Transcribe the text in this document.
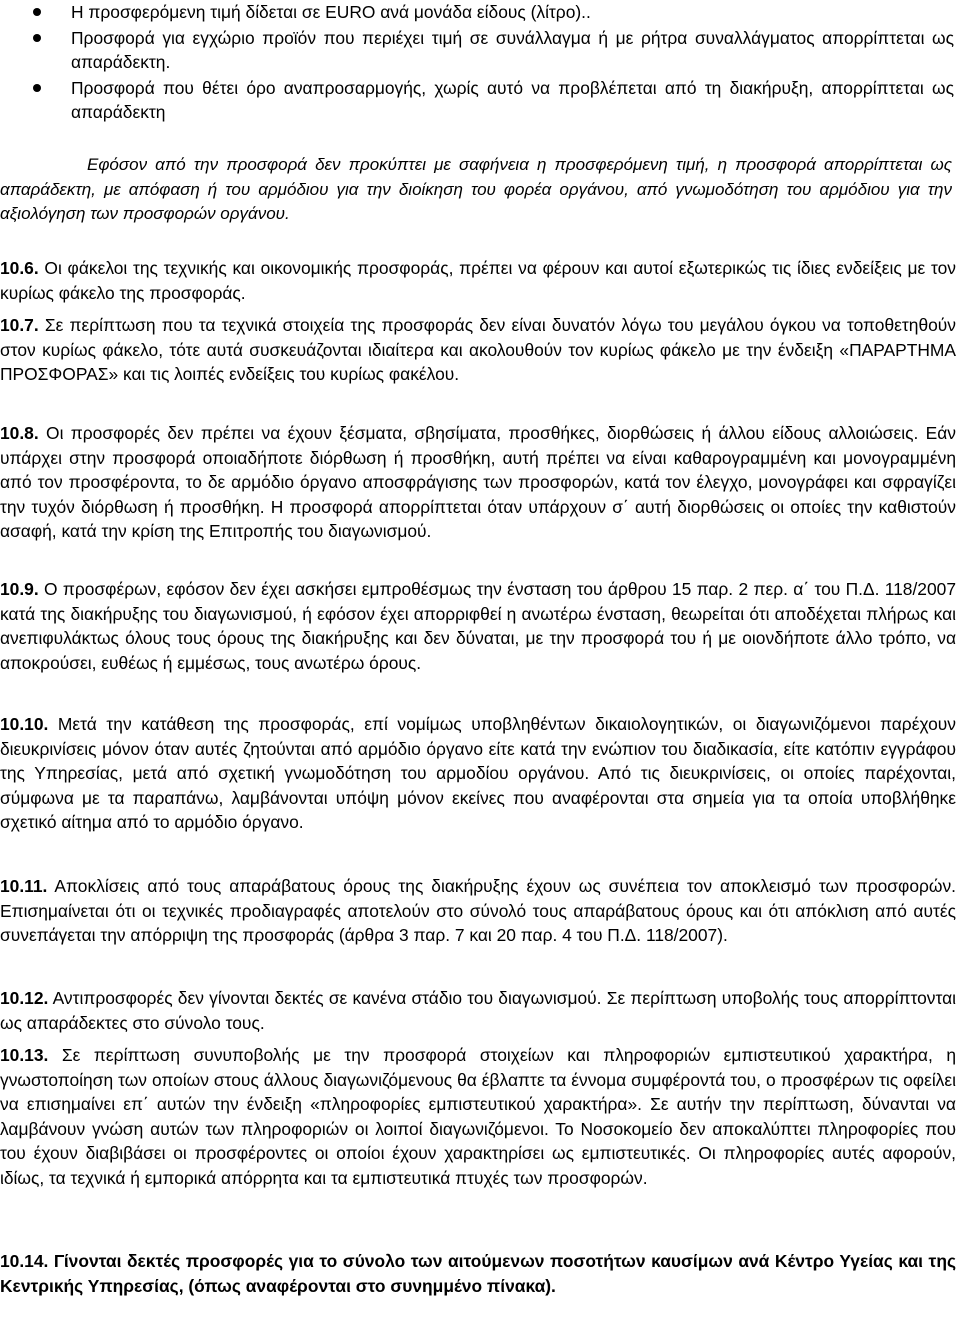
Η προσφερόμενη τιμή δίδεται σε EURO ανά μονάδα είδους (λίτρο)..
Προσφορά για εγχώριο προϊόν που περιέχει τιμή σε συνάλλαγμα ή με ρήτρα συναλλάγματος απορρίπτεται ως απαράδεκτη.
Προσφορά που θέτει όρο αναπροσαρμογής, χωρίς αυτό να προβλέπεται από τη διακήρυξη, απορρίπτεται ως απαράδεκτη
Εφόσον από την προσφορά δεν προκύπτει με σαφήνεια η προσφερόμενη τιμή, η προσφορά απορρίπτεται ως απαράδεκτη, με απόφαση ή του αρμόδιου για την διοίκηση του φορέα οργάνου, από γνωμοδότηση του αρμόδιου για την αξιολόγηση των προσφορών οργάνου.
10.6. Οι φάκελοι της τεχνικής και οικονομικής προσφοράς, πρέπει να φέρουν και αυτοί εξωτερικώς τις ίδιες ενδείξεις με τον κυρίως φάκελο της προσφοράς.
10.7. Σε περίπτωση που τα τεχνικά στοιχεία της προσφοράς δεν είναι δυνατόν λόγω του μεγάλου όγκου να τοποθετηθούν στον κυρίως φάκελο, τότε αυτά συσκευάζονται ιδιαίτερα και ακολουθούν τον κυρίως φάκελο με την ένδειξη «ΠΑΡΑΡΤΗΜΑ ΠΡΟΣΦΟΡΑΣ» και τις λοιπές ενδείξεις του κυρίως φακέλου.
10.8. Οι προσφορές δεν πρέπει να έχουν ξέσματα, σβησίματα, προσθήκες, διορθώσεις ή άλλου είδους αλλοιώσεις. Εάν υπάρχει στην προσφορά οποιαδήποτε διόρθωση ή προσθήκη, αυτή πρέπει να είναι καθαρογραμμένη και μονογραμμένη από τον προσφέροντα, το δε αρμόδιο όργανο αποσφράγισης των προσφορών, κατά τον έλεγχο, μονογράφει και σφραγίζει την τυχόν διόρθωση ή προσθήκη. Η προσφορά απορρίπτεται όταν υπάρχουν σ΄ αυτή διορθώσεις οι οποίες την καθιστούν ασαφή, κατά την κρίση της Επιτροπής του διαγωνισμού.
10.9. Ο προσφέρων, εφόσον δεν έχει ασκήσει εμπροθέσμως την ένσταση του άρθρου 15 παρ. 2 περ. α΄ του Π.Δ. 118/2007 κατά της διακήρυξης του διαγωνισμού, ή εφόσον έχει απορριφθεί η ανωτέρω ένσταση, θεωρείται ότι αποδέχεται πλήρως και ανεπιφυλάκτως όλους τους όρους της διακήρυξης και δεν δύναται, με την προσφορά του ή με οιονδήποτε άλλο τρόπο, να αποκρούσει, ευθέως ή εμμέσως, τους ανωτέρω όρους.
10.10. Μετά την κατάθεση της προσφοράς, επί νομίμως υποβληθέντων δικαιολογητικών, οι διαγωνιζόμενοι παρέχουν διευκρινίσεις μόνον όταν αυτές ζητούνται από αρμόδιο όργανο είτε κατά την ενώπιον του διαδικασία, είτε κατόπιν εγγράφου της Υπηρεσίας, μετά από σχετική γνωμοδότηση του αρμοδίου οργάνου. Από τις διευκρινίσεις, οι οποίες παρέχονται, σύμφωνα με τα παραπάνω, λαμβάνονται υπόψη μόνον εκείνες που αναφέρονται στα σημεία για τα οποία υποβλήθηκε σχετικό αίτημα από το αρμόδιο όργανο.
10.11. Αποκλίσεις από τους απαράβατους όρους της διακήρυξης έχουν ως συνέπεια τον αποκλεισμό των προσφορών. Επισημαίνεται ότι οι τεχνικές προδιαγραφές αποτελούν στο σύνολό τους απαράβατους όρους και ότι απόκλιση από αυτές συνεπάγεται την απόρριψη της προσφοράς (άρθρα 3 παρ. 7 και 20 παρ. 4 του Π.Δ. 118/2007).
10.12. Αντιπροσφορές δεν γίνονται δεκτές σε κανένα στάδιο του διαγωνισμού. Σε περίπτωση υποβολής τους απορρίπτονται ως απαράδεκτες στο σύνολο τους.
10.13. Σε περίπτωση συνυποβολής με την προσφορά στοιχείων και πληροφοριών εμπιστευτικού χαρακτήρα, η γνωστοποίηση των οποίων στους άλλους διαγωνιζόμενους θα έβλαπτε τα έννομα συμφέροντά του, ο προσφέρων τις οφείλει να επισημαίνει επ΄ αυτών την ένδειξη «πληροφορίες εμπιστευτικού χαρακτήρα». Σε αυτήν την περίπτωση, δύνανται να λαμβάνουν γνώση αυτών των πληροφοριών οι λοιποί διαγωνιζόμενοι. Το Νοσοκομείο δεν αποκαλύπτει πληροφορίες που του έχουν διαβιβάσει οι προσφέροντες οι οποίοι έχουν χαρακτηρίσει ως εμπιστευτικές. Οι πληροφορίες αυτές αφορούν, ιδίως, τα τεχνικά ή εμπορικά απόρρητα και τα εμπιστευτικά πτυχές των προσφορών.
10.14. Γίνονται δεκτές προσφορές για το σύνολο των αιτούμενων ποσοτήτων καυσίμων ανά Κέντρο Υγείας και της Κεντρικής Υπηρεσίας, (όπως αναφέρονται στο συνημμένο πίνακα).
